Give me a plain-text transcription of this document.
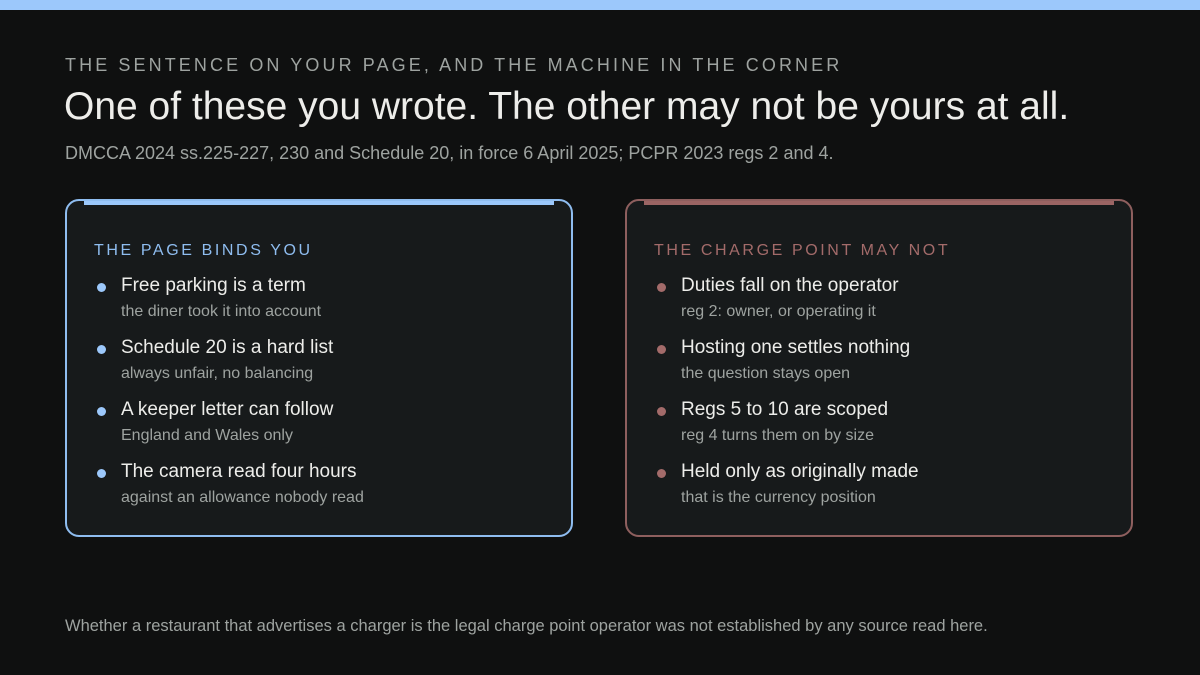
THE SENTENCE ON YOUR PAGE, AND THE MACHINE IN THE CORNER
One of these you wrote. The other may not be yours at all.
DMCCA 2024 ss.225-227, 230 and Schedule 20, in force 6 April 2025; PCPR 2023 regs 2 and 4.
THE PAGE BINDS YOU
Free parking is a term
the diner took it into account
Schedule 20 is a hard list
always unfair, no balancing
A keeper letter can follow
England and Wales only
The camera read four hours
against an allowance nobody read
THE CHARGE POINT MAY NOT
Duties fall on the operator
reg 2: owner, or operating it
Hosting one settles nothing
the question stays open
Regs 5 to 10 are scoped
reg 4 turns them on by size
Held only as originally made
that is the currency position
Whether a restaurant that advertises a charger is the legal charge point operator was not established by any source read here.
